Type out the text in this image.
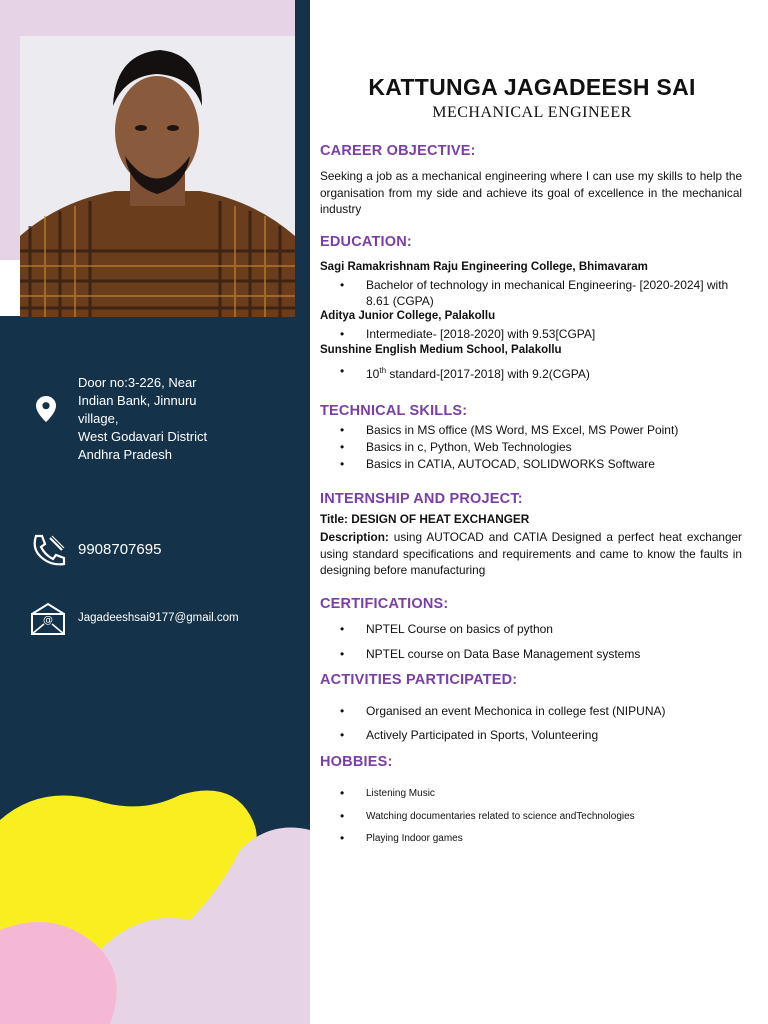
Door no:3-226, Near
Indian Bank, Jinnuru
village,
West Godavari District
Andhra Pradesh
9908707695
@ Jagadeeshsai9177@gmail.com
KATTUNGA JAGADEESH SAI
MECHANICAL ENGINEER
CAREER OBJECTIVE:
Seeking a job as a mechanical engineering where I can use my skills to help the organisation from my side and achieve its goal of excellence in the mechanical industry
EDUCATION:
Sagi Ramakrishnam Raju Engineering College, Bhimavaram
• Bachelor of technology in mechanical Engineering- [2020-2024] with 8.61 (CGPA)
Aditya Junior College, Palakollu
• Intermediate- [2018-2020] with 9.53[CGPA]
Sunshine English Medium School, Palakollu
• 10th standard-[2017-2018] with 9.2(CGPA)
TECHNICAL SKILLS:
• Basics in MS office (MS Word, MS Excel, MS Power Point)
• Basics in c, Python, Web Technologies
• Basics in CATIA, AUTOCAD, SOLIDWORKS Software
INTERNSHIP AND PROJECT:
Title: DESIGN OF HEAT EXCHANGER
Description: using AUTOCAD and CATIA Designed a perfect heat exchanger using standard specifications and requirements and came to know the faults in designing before manufacturing
CERTIFICATIONS:
• NPTEL Course on basics of python
• NPTEL course on Data Base Management systems
ACTIVITIES PARTICIPATED:
• Organised an event Mechonica in college fest (NIPUNA)
• Actively Participated in Sports, Volunteering
HOBBIES:
• Listening Music
• Watching documentaries related to science andTechnologies
• Playing Indoor games
